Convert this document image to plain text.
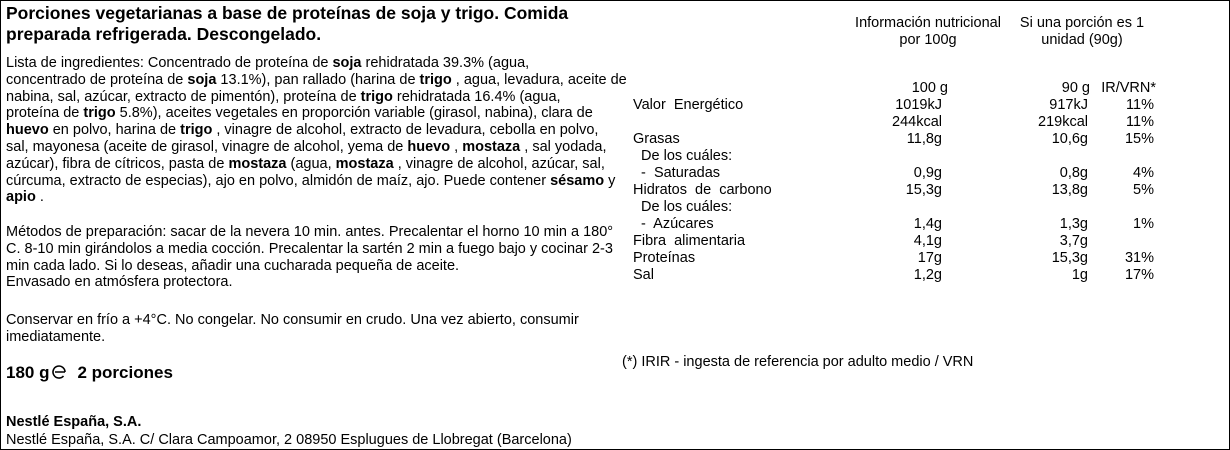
Porciones vegetarianas a base de proteínas de soja y trigo. Comida
preparada refrigerada. Descongelado.
Lista de ingredientes: Concentrado de proteína de soja rehidratada 39.3% (agua,
concentrado de proteína de soja 13.1%), pan rallado (harina de trigo , agua, levadura, aceite de
nabina, sal, azúcar, extracto de pimentón), proteína de trigo rehidratada 16.4% (agua,
proteína de trigo 5.8%), aceites vegetales en proporción variable (girasol, nabina), clara de
huevo en polvo, harina de trigo , vinagre de alcohol, extracto de levadura, cebolla en polvo,
sal, mayonesa (aceite de girasol, vinagre de alcohol, yema de huevo , mostaza , sal yodada,
azúcar), fibra de cítricos, pasta de mostaza (agua, mostaza , vinagre de alcohol, azúcar, sal,
cúrcuma, extracto de especias), ajo en polvo, almidón de maíz, ajo. Puede contener sésamo y
apio .
Métodos de preparación: sacar de la nevera 10 min. antes. Precalentar el horno 10 min a 180°
C. 8-10 min girándolos a media cocción. Precalentar la sartén 2 min a fuego bajo y cocinar 2-3
min cada lado. Si lo deseas, añadir una cucharada pequeña de aceite.
Envasado en atmósfera protectora.
Conservar en frío a +4°C. No congelar. No consumir en crudo. Una vez abierto, consumir
imediatamente.
180 g 2 porciones
Nestlé España, S.A.
Nestlé España, S.A. C/ Clara Campoamor, 2 08950 Esplugues de Llobregat (Barcelona)
Información nutricional
por 100g
Si una porción es 1
unidad (90g)
100 g	90 g IR/VRN*
Valor  Energético	1019kJ	917kJ	11%
244kcal	219kcal	11%
Grasas	11,8g	10,6g	15%
De los cuáles:
-  Saturadas	0,9g	0,8g	4%
Hidratos  de  carbono	15,3g	13,8g	5%
De los cuáles:
-  Azúcares	1,4g	1,3g	1%
Fibra  alimentaria	4,1g	3,7g
Proteínas	17g	15,3g	31%
Sal	1,2g	1g	17%
(*) IRIR - ingesta de referencia por adulto medio / VRN
